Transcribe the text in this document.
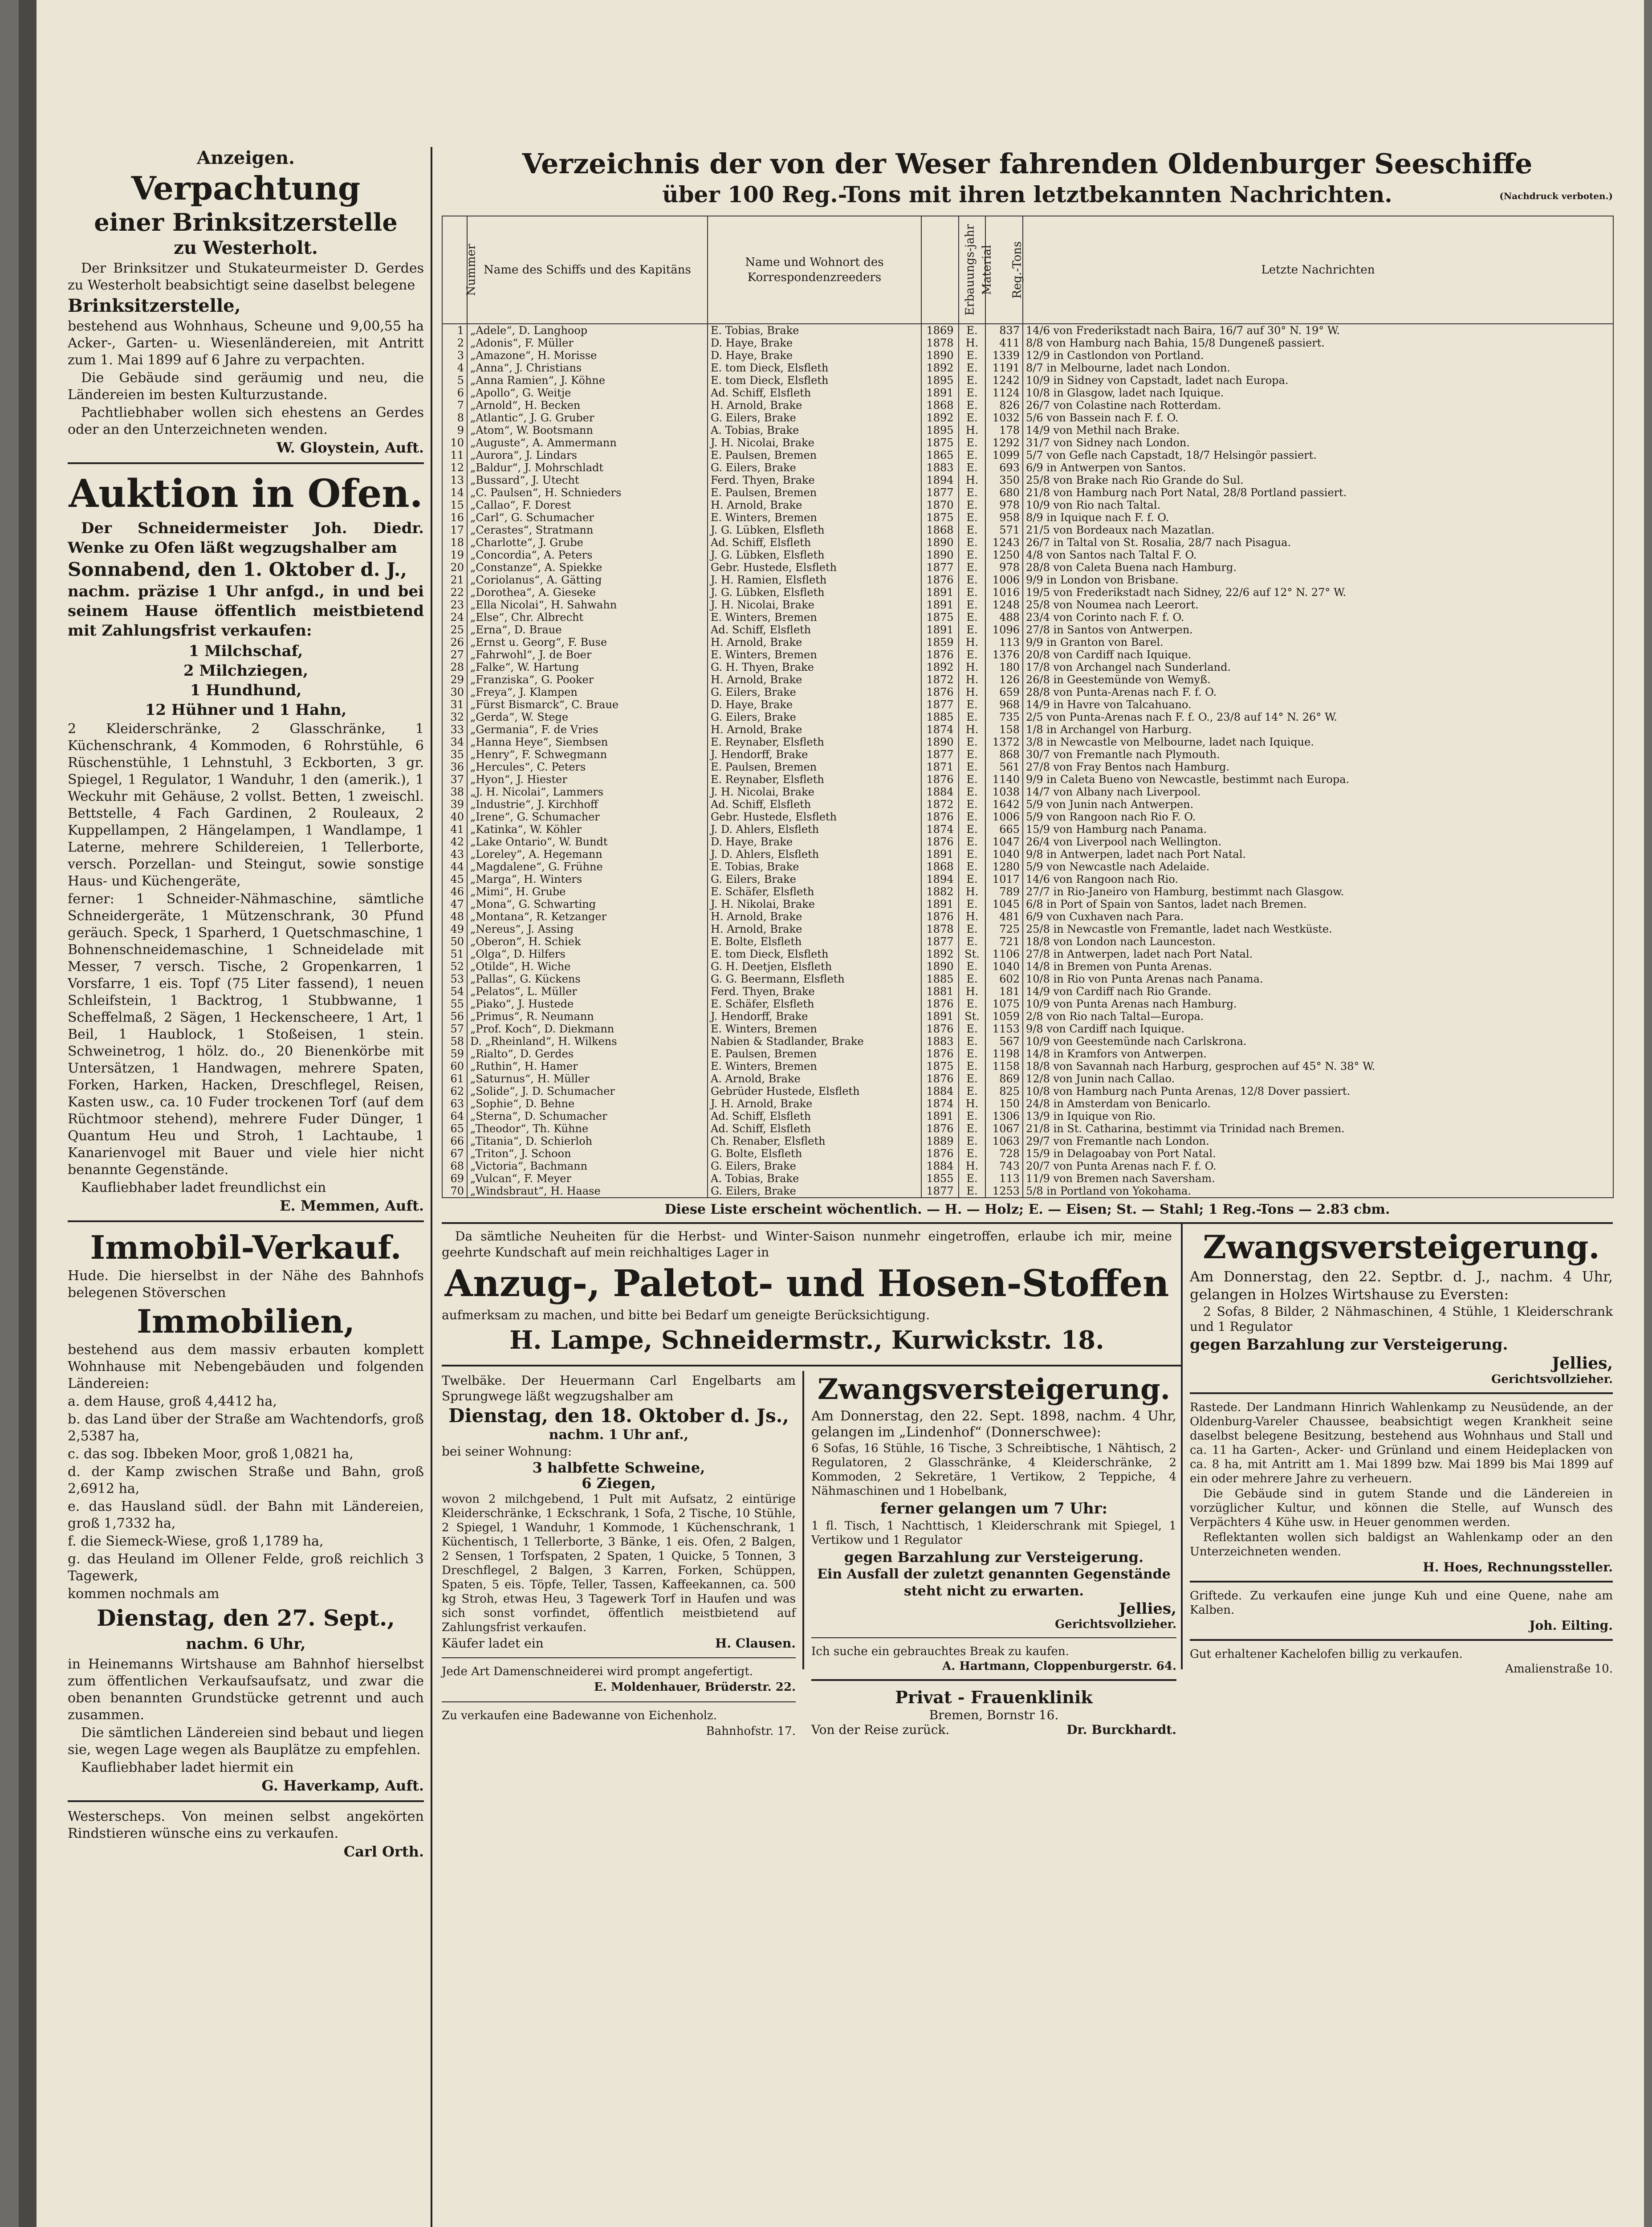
Anzeigen.

Verpachtung

einer Brinksitzerstelle

zu Westerholt.

Der Brinksitzer und Stukateurmeister D. Gerdes zu Westerholt beabsichtigt seine daselbst belegene

Brinksitzerstelle,

bestehend aus Wohnhaus, Scheune und 9,00,55 ha Acker-, Garten- u. Wiesenländereien, mit Antritt zum 1. Mai 1899 auf 6 Jahre zu verpachten.

Die Gebäude sind geräumig und neu, die Ländereien im besten Kulturzustande.

Pachtliebhaber wollen sich ehestens an Gerdes oder an den Unterzeichneten wenden.

W. Gloystein, Auft.

Auktion in Ofen.

Der Schneidermeister Joh. Diedr. Wenke zu Ofen läßt wegzugshalber am

Sonnabend, den 1. Oktober d. J.,

nachm. präzise 1 Uhr anfgd., in und bei seinem Hause öffentlich meistbietend mit Zahlungsfrist verkaufen:

1 Milchschaf,

2 Milchziegen,

1 Hundhund,

12 Hühner und 1 Hahn,

2 Kleiderschränke, 2 Glasschränke, 1 Küchenschrank, 4 Kommoden, 6 Rohrstühle, 6 Rüschenstühle, 1 Lehnstuhl, 3 Eckborten, 3 gr. Spiegel, 1 Regulator, 1 Wanduhr, 1 den (amerik.), 1 Weckuhr mit Gehäuse, 2 vollst. Betten, 1 zweischl. Bettstelle, 4 Fach Gardinen, 2 Rouleaux, 2 Kuppellampen, 2 Hängelampen, 1 Wandlampe, 1 Laterne, mehrere Schildereien, 1 Tellerborte, versch. Porzellan- und Steingut, sowie sonstige Haus- und Küchengeräte,

ferner: 1 Schneider-Nähmaschine, sämtliche Schneidergeräte, 1 Mützenschrank, 30 Pfund geräuch. Speck, 1 Sparherd, 1 Quetschmaschine, 1 Bohnenschneidemaschine, 1 Schneidelade mit Messer, 7 versch. Tische, 2 Gropenkarren, 1 Vorsfarre, 1 eis. Topf (75 Liter fassend), 1 neuen Schleifstein, 1 Backtrog, 1 Stubbwanne, 1 Scheffelmaß, 2 Sägen, 1 Heckenscheere, 1 Art, 1 Beil, 1 Haublock, 1 Stoßeisen, 1 stein. Schweinetrog, 1 hölz. do., 20 Bienenkörbe mit Untersätzen, 1 Handwagen, mehrere Spaten, Forken, Harken, Hacken, Dreschflegel, Reisen, Kasten usw., ca. 10 Fuder trockenen Torf (auf dem Rüchtmoor stehend), mehrere Fuder Dünger, 1 Quantum Heu und Stroh, 1 Lachtaube, 1 Kanarienvogel mit Bauer und viele hier nicht benannte Gegenstände.

Kaufliebhaber ladet freundlichst ein

E. Memmen, Auft.

Immobil-Verkauf.

Hude. Die hierselbst in der Nähe des Bahnhofs belegenen Stöverschen

Immobilien,

bestehend aus dem massiv erbauten komplett Wohnhause mit Nebengebäuden und folgenden Ländereien:

a. dem Hause, groß 4,4412 ha,

b. das Land über der Straße am Wachtendorfs, groß 2,5387 ha,

c. das sog. Ibbeken Moor, groß 1,0821 ha,

d. der Kamp zwischen Straße und Bahn, groß 2,6912 ha,

e. das Hausland südl. der Bahn mit Ländereien, groß 1,7332 ha,

f. die Siemeck-Wiese, groß 1,1789 ha,

g. das Heuland im Ollener Felde, groß reichlich 3 Tagewerk,

kommen nochmals am

Dienstag, den 27. Sept.,

nachm. 6 Uhr,

in Heinemanns Wirtshause am Bahnhof hierselbst zum öffentlichen Verkaufsaufsatz, und zwar die oben benannten Grundstücke getrennt und auch zusammen.

Die sämtlichen Ländereien sind bebaut und liegen sie, wegen Lage wegen als Bauplätze zu empfehlen.

Kaufliebhaber ladet hiermit ein

G. Haverkamp, Auft.

Westerscheps. Von meinen selbst angekörten Rindstieren wünsche eins zu verkaufen.

Carl Orth.

Verzeichnis der von der Weser fahrenden Oldenburger Seeschiffe

über 100 Reg.-Tons mit ihren letztbekannten Nachrichten.	(Nachdruck verboten.)
Nummer	Name des Schiffs und des Kapitäns	Name und Wohnort des Korrespondenzreeders	Erbauungs-jahr	Material	Reg.-Tons	Letzte Nachrichten
1	„Adele“, D. Langhoop	E. Tobias, Brake	1869	E.	837	14/6 von Frederikstadt nach Baira, 16/7 auf 30° N. 19° W.
2	„Adonis“, F. Müller	D. Haye, Brake	1878	H.	411	8/8 von Hamburg nach Bahia, 15/8 Dungeneß passiert.
3	„Amazone“, H. Morisse	D. Haye, Brake	1890	E.	1339	12/9 in Castlondon von Portland.
4	„Anna“, J. Christians	E. tom Dieck, Elsfleth	1892	E.	1191	8/7 in Melbourne, ladet nach London.
5	„Anna Ramien“, J. Köhne	E. tom Dieck, Elsfleth	1895	E.	1242	10/9 in Sidney von Capstadt, ladet nach Europa.
6	„Apollo“, G. Weitje	Ad. Schiff, Elsfleth	1891	E.	1124	10/8 in Glasgow, ladet nach Iquique.
7	„Arnold“, H. Becken	H. Arnold, Brake	1868	E.	826	26/7 von Colastine nach Rotterdam.
8	„Atlantic“, J. G. Gruber	G. Eilers, Brake	1892	E.	1032	5/6 von Bassein nach F. f. O.
9	„Atom“, W. Bootsmann	A. Tobias, Brake	1895	H.	178	14/9 von Methil nach Brake.
10	„Auguste“, A. Ammermann	J. H. Nicolai, Brake	1875	E.	1292	31/7 von Sidney nach London.
11	„Aurora“, J. Lindars	E. Paulsen, Bremen	1865	E.	1099	5/7 von Gefle nach Capstadt, 18/7 Helsingör passiert.
12	„Baldur“, J. Mohrschladt	G. Eilers, Brake	1883	E.	693	6/9 in Antwerpen von Santos.
13	„Bussard“, J. Utecht	Ferd. Thyen, Brake	1894	H.	350	25/8 von Brake nach Rio Grande do Sul.
14	„C. Paulsen“, H. Schnieders	E. Paulsen, Bremen	1877	E.	680	21/8 von Hamburg nach Port Natal, 28/8 Portland passiert.
15	„Callao“, F. Dorest	H. Arnold, Brake	1870	E.	978	10/9 von Rio nach Taltal.
16	„Carl“, G. Schumacher	E. Winters, Bremen	1875	E.	958	8/9 in Iquique nach F. f. O.
17	„Cerastes“, Stratmann	J. G. Lübken, Elsfleth	1868	E.	571	21/5 von Bordeaux nach Mazatlan.
18	„Charlotte“, J. Grube	Ad. Schiff, Elsfleth	1890	E.	1243	26/7 in Taltal von St. Rosalia, 28/7 nach Pisagua.
19	„Concordia“, A. Peters	J. G. Lübken, Elsfleth	1890	E.	1250	4/8 von Santos nach Taltal F. O.
20	„Constanze“, A. Spiekke	Gebr. Hustede, Elsfleth	1877	E.	978	28/8 von Caleta Buena nach Hamburg.
21	„Coriolanus“, A. Gätting	J. H. Ramien, Elsfleth	1876	E.	1006	9/9 in London von Brisbane.
22	„Dorothea“, A. Gieseke	J. G. Lübken, Elsfleth	1891	E.	1016	19/5 von Frederikstadt nach Sidney, 22/6 auf 12° N. 27° W.
23	„Ella Nicolai“, H. Sahwahn	J. H. Nicolai, Brake	1891	E.	1248	25/8 von Noumea nach Leerort.
24	„Else“, Chr. Albrecht	E. Winters, Bremen	1875	E.	488	23/4 von Corinto nach F. f. O.
25	„Erna“, D. Braue	Ad. Schiff, Elsfleth	1891	E.	1096	27/8 in Santos von Antwerpen.
26	„Ernst u. Georg“, F. Buse	H. Arnold, Brake	1859	H.	113	9/9 in Granton von Barel.
27	„Fahrwohl“, J. de Boer	E. Winters, Bremen	1876	E.	1376	20/8 von Cardiff nach Iquique.
28	„Falke“, W. Hartung	G. H. Thyen, Brake	1892	H.	180	17/8 von Archangel nach Sunderland.
29	„Franziska“, G. Pooker	H. Arnold, Brake	1872	H.	126	26/8 in Geestemünde von Wemyß.
30	„Freya“, J. Klampen	G. Eilers, Brake	1876	H.	659	28/8 von Punta-Arenas nach F. f. O.
31	„Fürst Bismarck“, C. Braue	D. Haye, Brake	1877	E.	968	14/9 in Havre von Talcahuano.
32	„Gerda“, W. Stege	G. Eilers, Brake	1885	E.	735	2/5 von Punta-Arenas nach F. f. O., 23/8 auf 14° N. 26° W.
33	„Germania“, F. de Vries	H. Arnold, Brake	1874	H.	158	1/8 in Archangel von Harburg.
34	„Hanna Heye“, Siembsen	E. Reynaber, Elsfleth	1890	E.	1372	3/8 in Newcastle von Melbourne, ladet nach Iquique.
35	„Henry“, F. Schwegmann	J. Hendorff, Brake	1877	E.	868	30/7 von Fremantle nach Plymouth.
36	„Hercules“, C. Peters	E. Paulsen, Bremen	1871	E.	561	27/8 von Fray Bentos nach Hamburg.
37	„Hyon“, J. Hiester	E. Reynaber, Elsfleth	1876	E.	1140	9/9 in Caleta Bueno von Newcastle, bestimmt nach Europa.
38	„J. H. Nicolai“, Lammers	J. H. Nicolai, Brake	1884	E.	1038	14/7 von Albany nach Liverpool.
39	„Industrie“, J. Kirchhoff	Ad. Schiff, Elsfleth	1872	E.	1642	5/9 von Junin nach Antwerpen.
40	„Irene“, G. Schumacher	Gebr. Hustede, Elsfleth	1876	E.	1006	5/9 von Rangoon nach Rio F. O.
41	„Katinka“, W. Köhler	J. D. Ahlers, Elsfleth	1874	E.	665	15/9 von Hamburg nach Panama.
42	„Lake Ontario“, W. Bundt	D. Haye, Brake	1876	E.	1047	26/4 von Liverpool nach Wellington.
43	„Loreley“, A. Hegemann	J. D. Ahlers, Elsfleth	1891	E.	1040	9/8 in Antwerpen, ladet nach Port Natal.
44	„Magdalene“, G. Frühne	E. Tobias, Brake	1868	E.	1280	5/9 von Newcastle nach Adelaide.
45	„Marga“, H. Winters	G. Eilers, Brake	1894	E.	1017	14/6 von Rangoon nach Rio.
46	„Mimi“, H. Grube	E. Schäfer, Elsfleth	1882	H.	789	27/7 in Rio-Janeiro von Hamburg, bestimmt nach Glasgow.
47	„Mona“, G. Schwarting	J. H. Nikolai, Brake	1891	E.	1045	6/8 in Port of Spain von Santos, ladet nach Bremen.
48	„Montana“, R. Ketzanger	H. Arnold, Brake	1876	H.	481	6/9 von Cuxhaven nach Para.
49	„Nereus“, J. Assing	H. Arnold, Brake	1878	E.	725	25/8 in Newcastle von Fremantle, ladet nach Westküste.
50	„Oberon“, H. Schiek	E. Bolte, Elsfleth	1877	E.	721	18/8 von London nach Launceston.
51	„Olga“, D. Hilfers	E. tom Dieck, Elsfleth	1892	St.	1106	27/8 in Antwerpen, ladet nach Port Natal.
52	„Otilde“, H. Wiche	G. H. Deetjen, Elsfleth	1890	E.	1040	14/8 in Bremen von Punta Arenas.
53	„Pallas“, G. Kückens	G. G. Beermann, Elsfleth	1885	E.	602	10/8 in Rio von Punta Arenas nach Panama.
54	„Pelatos“, L. Müller	Ferd. Thyen, Brake	1881	H.	181	14/9 von Cardiff nach Rio Grande.
55	„Piako“, J. Hustede	E. Schäfer, Elsfleth	1876	E.	1075	10/9 von Punta Arenas nach Hamburg.
56	„Primus“, R. Neumann	J. Hendorff, Brake	1891	St.	1059	2/8 von Rio nach Taltal—Europa.
57	„Prof. Koch“, D. Diekmann	E. Winters, Bremen	1876	E.	1153	9/8 von Cardiff nach Iquique.
58	D. „Rheinland“, H. Wilkens	Nabien & Stadlander, Brake	1883	E.	567	10/9 von Geestemünde nach Carlskrona.
59	„Rialto“, D. Gerdes	E. Paulsen, Bremen	1876	E.	1198	14/8 in Kramfors von Antwerpen.
60	„Ruthin“, H. Hamer	E. Winters, Bremen	1875	E.	1158	18/8 von Savannah nach Harburg, gesprochen auf 45° N. 38° W.
61	„Saturnus“, H. Müller	A. Arnold, Brake	1876	E.	869	12/8 von Junin nach Callao.
62	„Solide“, J. D. Schumacher	Gebrüder Hustede, Elsfleth	1884	E.	825	10/8 von Hamburg nach Punta Arenas, 12/8 Dover passiert.
63	„Sophie“, D. Behne	J. H. Arnold, Brake	1874	H.	150	24/8 in Amsterdam von Benicarlo.
64	„Sterna“, D. Schumacher	Ad. Schiff, Elsfleth	1891	E.	1306	13/9 in Iquique von Rio.
65	„Theodor“, Th. Kühne	Ad. Schiff, Elsfleth	1876	E.	1067	21/8 in St. Catharina, bestimmt via Trinidad nach Bremen.
66	„Titania“, D. Schierloh	Ch. Renaber, Elsfleth	1889	E.	1063	29/7 von Fremantle nach London.
67	„Triton“, J. Schoon	G. Bolte, Elsfleth	1876	E.	728	15/9 in Delagoabay von Port Natal.
68	„Victoria“, Bachmann	G. Eilers, Brake	1884	H.	743	20/7 von Punta Arenas nach F. f. O.
69	„Vulcan“, F. Meyer	A. Tobias, Brake	1855	E.	113	11/9 von Bremen nach Saversham.
70	„Windsbraut“, H. Haase	G. Eilers, Brake	1877	E.	1253	5/8 in Portland von Yokohama.

Diese Liste erscheint wöchentlich. — H. — Holz; E. — Eisen; St. — Stahl; 1 Reg.-Tons — 2.83 cbm.

Da sämtliche Neuheiten für die Herbst- und Winter-Saison nunmehr eingetroffen, erlaube ich mir, meine geehrte Kundschaft auf mein reichhaltiges Lager in

Anzug-, Paletot- und Hosen-Stoffen

aufmerksam zu machen, und bitte bei Bedarf um geneigte Berücksichtigung.

H. Lampe, Schneidermstr., Kurwickstr. 18.

Twelbäke. Der Heuermann Carl Engelbarts am Sprungwege läßt wegzugshalber am

Dienstag, den 18. Oktober d. Js.,

nachm. 1 Uhr anf.,

bei seiner Wohnung:

3 halbfette Schweine,

6 Ziegen,

wovon 2 milchgebend, 1 Pult mit Aufsatz, 2 eintürige Kleiderschränke, 1 Eckschrank, 1 Sofa, 2 Tische, 10 Stühle, 2 Spiegel, 1 Wanduhr, 1 Kommode, 1 Küchenschrank, 1 Küchentisch, 1 Tellerborte, 3 Bänke, 1 eis. Ofen, 2 Balgen, 2 Sensen, 1 Torfspaten, 2 Spaten, 1 Quicke, 5 Tonnen, 3 Dreschflegel, 2 Balgen, 3 Karren, Forken, Schüppen, Spaten, 5 eis. Töpfe, Teller, Tassen, Kaffeekannen, ca. 500 kg Stroh, etwas Heu, 3 Tagewerk Torf in Haufen und was sich sonst vorfindet, öffentlich meistbietend auf Zahlungsfrist verkaufen.

Käufer ladet ein	H. Clausen.

Jede Art Damenschneiderei wird prompt angefertigt.

E. Moldenhauer, Brüderstr. 22.

Zu verkaufen eine Badewanne von Eichenholz.

Bahnhofstr. 17.

Zwangsversteigerung.

Am Donnerstag, den 22. Sept. 1898, nachm. 4 Uhr, gelangen im „Lindenhof“ (Donnerschwee):

6 Sofas, 16 Stühle, 16 Tische, 3 Schreibtische, 1 Nähtisch, 2 Regulatoren, 2 Glasschränke, 4 Kleiderschränke, 2 Kommoden, 2 Sekretäre, 1 Vertikow, 2 Teppiche, 4 Nähmaschinen und 1 Hobelbank,

ferner gelangen um 7 Uhr:

1 fl. Tisch, 1 Nachttisch, 1 Kleiderschrank mit Spiegel, 1 Vertikow und 1 Regulator

gegen Barzahlung zur Versteigerung.

Ein Ausfall der zuletzt genannten Gegenstände steht nicht zu erwarten.

Jellies,

Gerichtsvollzieher.

Ich suche ein gebrauchtes Break zu kaufen.

A. Hartmann, Cloppenburgerstr. 64.

Privat - Frauenklinik

Bremen, Bornstr 16.

Von der Reise zurück.	Dr. Burckhardt.

Zwangsversteigerung.

Am Donnerstag, den 22. Septbr. d. J., nachm. 4 Uhr, gelangen in Holzes Wirtshause zu Eversten:

2 Sofas, 8 Bilder, 2 Nähmaschinen, 4 Stühle, 1 Kleiderschrank und 1 Regulator

gegen Barzahlung zur Versteigerung.

Jellies,

Gerichtsvollzieher.

Rastede. Der Landmann Hinrich Wahlenkamp zu Neusüdende, an der Oldenburg-Vareler Chaussee, beabsichtigt wegen Krankheit seine daselbst belegene Besitzung, bestehend aus Wohnhaus und Stall und ca. 11 ha Garten-, Acker- und Grünland und einem Heideplacken von ca. 8 ha, mit Antritt am 1. Mai 1899 bzw. Mai 1899 bis Mai 1899 auf ein oder mehrere Jahre zu verheuern.

Die Gebäude sind in gutem Stande und die Ländereien in vorzüglicher Kultur, und können die Stelle, auf Wunsch des Verpächters 4 Kühe usw. in Heuer genommen werden.

Reflektanten wollen sich baldigst an Wahlenkamp oder an den Unterzeichneten wenden.

H. Hoes, Rechnungssteller.

Griftede. Zu verkaufen eine junge Kuh und eine Quene, nahe am Kalben.

Joh. Eilting.

Gut erhaltener Kachelofen billig zu verkaufen.

Amalienstraße 10.
